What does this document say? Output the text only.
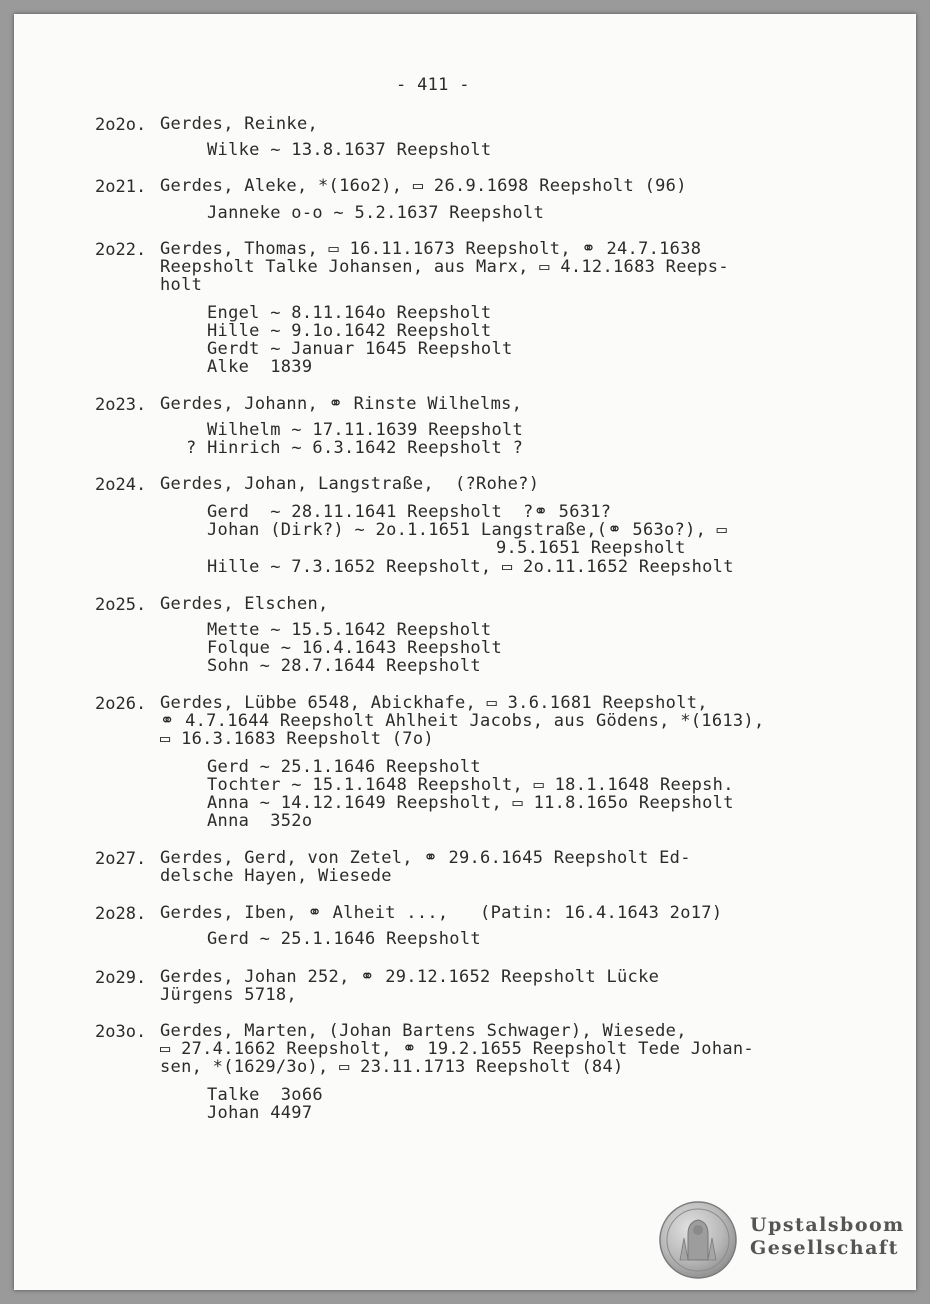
- 411 -
2o2o. Gerdes, Reinke,
Wilke ~ 13.8.1637 Reepsholt
2o21. Gerdes, Aleke, *(16o2), ▭ 26.9.1698 Reepsholt (96)
Janneke o-o ~ 5.2.1637 Reepsholt
2o22. Gerdes, Thomas, ▭ 16.11.1673 Reepsholt, ⚭ 24.7.1638
Reepsholt Talke Johansen, aus Marx, ▭ 4.12.1683 Reeps-
holt
Engel ~ 8.11.164o Reepsholt
Hille ~ 9.1o.1642 Reepsholt
Gerdt ~ Januar 1645 Reepsholt
Alke  1839
2o23. Gerdes, Johann, ⚭ Rinste Wilhelms,
Wilhelm ~ 17.11.1639 Reepsholt
? Hinrich ~ 6.3.1642 Reepsholt ?
2o24. Gerdes, Johan, Langstraße,  (?Rohe?)
Gerd  ~ 28.11.1641 Reepsholt  ?⚭ 5631?
Johan (Dirk?) ~ 2o.1.1651 Langstraße,(⚭ 563o?), ▭
9.5.1651 Reepsholt
Hille ~ 7.3.1652 Reepsholt, ▭ 2o.11.1652 Reepsholt
2o25. Gerdes, Elschen,
Mette ~ 15.5.1642 Reepsholt
Folque ~ 16.4.1643 Reepsholt
Sohn ~ 28.7.1644 Reepsholt
2o26. Gerdes, Lübbe 6548, Abickhafe, ▭ 3.6.1681 Reepsholt,
⚭ 4.7.1644 Reepsholt Ahlheit Jacobs, aus Gödens, *(1613),
▭ 16.3.1683 Reepsholt (7o)
Gerd ~ 25.1.1646 Reepsholt
Tochter ~ 15.1.1648 Reepsholt, ▭ 18.1.1648 Reepsh.
Anna ~ 14.12.1649 Reepsholt, ▭ 11.8.165o Reepsholt
Anna  352o
2o27. Gerdes, Gerd, von Zetel, ⚭ 29.6.1645 Reepsholt Ed-
delsche Hayen, Wiesede
2o28. Gerdes, Iben, ⚭ Alheit ...,   (Patin: 16.4.1643 2o17)
Gerd ~ 25.1.1646 Reepsholt
2o29. Gerdes, Johan 252, ⚭ 29.12.1652 Reepsholt Lücke
Jürgens 5718,
2o3o. Gerdes, Marten, (Johan Bartens Schwager), Wiesede,
▭ 27.4.1662 Reepsholt, ⚭ 19.2.1655 Reepsholt Tede Johan-
sen, *(1629/3o), ▭ 23.11.1713 Reepsholt (84)
Talke  3o66
Johan 4497
Upstalsboom
Gesellschaft
